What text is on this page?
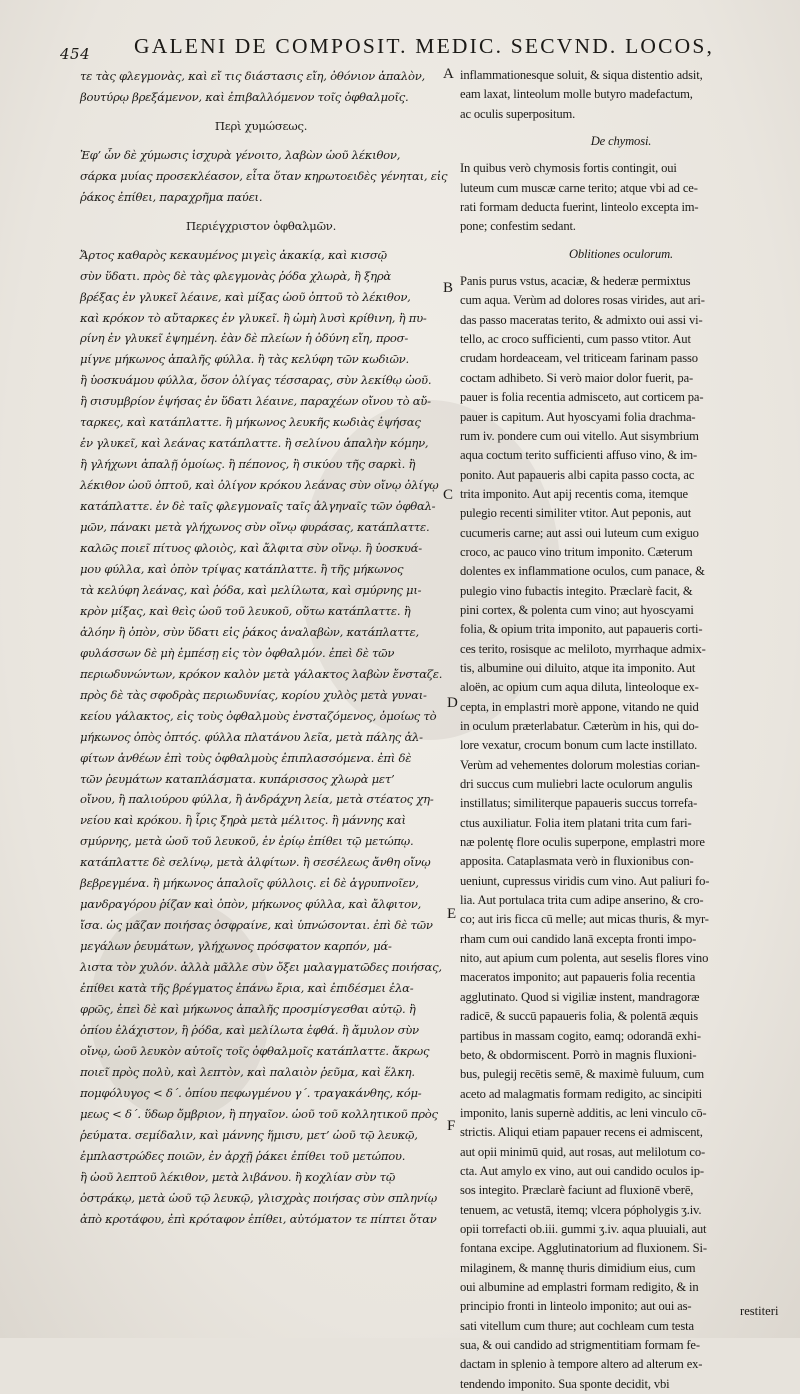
454 GALENI DE COMPOSIT. MEDIC. SECVND. LOCOS,
τε τὰς φλεγμονὰς, καὶ εἴ τις διάστασις εἴη, ὀθόνιον ἁπαλὸν,
βουτύρῳ βρεξάμενον, καὶ ἐπιβαλλόμενον τοῖς ὀφθαλμοῖς.
Περὶ χυμώσεως.
Ἐφ’ ὧν δὲ χύμωσις ἰσχυρὰ γένοιτο, λαβὼν ὠοῦ λέκιθον,
σάρκα μυίας προσεκλέασον, εἶτα ὅταν κηρωτοειδὲς γένηται, εἰς
ῥάκος ἐπίθει, παραχρῆμα παύει.
Περιέγχριστον ὀφθαλμῶν.
Ἄρτος καθαρὸς κεκαυμένος μιγεὶς ἀκακίᾳ, καὶ κισσῷ
σὺν ὕδατι. πρὸς δὲ τὰς φλεγμονὰς ῥόδα χλωρὰ, ἢ ξηρὰ
βρέξας ἐν γλυκεῖ λέαινε, καὶ μίξας ὠοῦ ὀπτοῦ τὸ λέκιθον,
καὶ κρόκον τὸ αὔταρκες ἐν γλυκεῖ. ἢ ὠμὴ λυσὶ κρίθινη, ἢ πυ-
ρίνη ἐν γλυκεῖ ἑψημένη. ἐὰν δὲ πλείων ἡ ὀδύνη εἴη, προσ-
μίγνε μήκωνος ἁπαλῆς φύλλα. ἢ τὰς κελύφη τῶν κωδιῶν.
ἢ ὑοσκυάμου φύλλα, ὅσον ὀλίγας τέσσαρας, σὺν λεκίθῳ ὠοῦ.
ἢ σισυμβρίον ἑψήσας ἐν ὕδατι λέαινε, παραχέων οἴνου τὸ αὔ-
ταρκες, καὶ κατάπλαττε. ἢ μήκωνος λευκῆς κωδιὰς ἑψήσας
ἐν γλυκεῖ, καὶ λεάνας κατάπλαττε. ἢ σελίνου ἁπαλὴν κόμην,
ἢ γλήχωνι ἁπαλῇ ὁμοίως. ἢ πέπονος, ἢ σικύου τῆς σαρκὶ. ἢ
λέκιθον ὠοῦ ὀπτοῦ, καὶ ὀλίγον κρόκου λεάνας σὺν οἴνῳ ὀλίγῳ
κατάπλαττε. ἐν δὲ ταῖς φλεγμοναῖς ταῖς ἀλγηναῖς τῶν ὀφθαλ-
μῶν, πάνακι μετὰ γλήχωνος σὺν οἴνῳ φυράσας, κατάπλαττε.
καλῶς ποιεῖ πίτυος φλοιὸς, καὶ ἄλφιτα σὺν οἴνῳ. ἢ ὑοσκυά-
μου φύλλα, καὶ ὀπὸν τρίψας κατάπλαττε. ἢ τῆς μήκωνος
τὰ κελύφη λεάνας, καὶ ῥόδα, καὶ μελίλωτα, καὶ σμύρνης μι-
κρὸν μίξας, καὶ θεὶς ὠοῦ τοῦ λευκοῦ, οὕτω κατάπλαττε. ἢ
ἀλόην ἢ ὀπὸν, σὺν ὕδατι εἰς ῥάκος ἀναλαβὼν, κατάπλαττε,
φυλάσσων δὲ μὴ ἐμπέσῃ εἰς τὸν ὀφθαλμόν. ἐπεὶ δὲ τῶν
περιωδυνώντων, κρόκον καλὸν μετὰ γάλακτος λαβὼν ἔνσταζε.
πρὸς δὲ τὰς σφοδρὰς περιωδυνίας, κορίου χυλὸς μετὰ γυναι-
κείου γάλακτος, εἰς τοὺς ὀφθαλμοὺς ἐνσταζόμενος, ὁμοίως τὸ
μήκωνος ὀπὸς ὀπτός. φύλλα πλατάνου λεῖα, μετὰ πάλης ἀλ-
φίτων ἀνθέων ἐπὶ τοὺς ὀφθαλμοὺς ἐπιπλασσόμενα. ἐπὶ δὲ
τῶν ῥευμάτων καταπλάσματα. κυπάρισσος χλωρὰ μετ’
οἴνου, ἢ παλιούρου φύλλα, ἢ ἀνδράχνη λεία, μετὰ στέατος χη-
νείου καὶ κρόκου. ἢ ἶρις ξηρὰ μετὰ μέλιτος. ἢ μάννης καὶ
σμύρνης, μετὰ ὠοῦ τοῦ λευκοῦ, ἐν ἐρίῳ ἐπίθει τῷ μετώπῳ.
κατάπλαττε δὲ σελίνῳ, μετὰ ἀλφίτων. ἢ σεσέλεως ἄνθη οἴνῳ
βεβρεγμένα. ἢ μήκωνος ἁπαλοῖς φύλλοις. εἰ δὲ ἀγρυπνοῖεν,
μανδραγόρου ῥίζαν καὶ ὀπὸν, μήκωνος φύλλα, καὶ ἄλφιτον,
ἴσα. ὡς μᾶζαν ποιήσας ὀσφραίνε, καὶ ὑπνώσονται. ἐπὶ δὲ τῶν
μεγάλων ῥευμάτων, γλήχωνος πρόσφατον καρπόν, μά-
λιστα τὸν χυλόν. ἀλλὰ μᾶλλε σὺν ὄξει μαλαγματῶδες ποιήσας,
ἐπίθει κατὰ τῆς βρέγματος ἐπάνω ἔρια, καὶ ἐπιδέσμει ἐλα-
φρῶς, ἐπεὶ δὲ καὶ μήκωνος ἁπαλῆς προσμίσγεσθαι αὐτῷ. ἢ
ὀπίου ἐλάχιστον, ἢ ῥόδα, καὶ μελίλωτα ἑφθά. ἢ ἄμυλον σὺν
οἴνῳ, ὠοῦ λευκὸν αὐτοῖς τοῖς ὀφθαλμοῖς κατάπλαττε. ἄκρως
ποιεῖ πρὸς πολὺ, καὶ λεπτὸν, καὶ παλαιὸν ῥεῦμα, καὶ ἕλκη.
πομφόλυγος < δ΄. ὀπίου πεφωγμένου γ΄. τραγακάνθης, κόμ-
μεως < δ΄. ὕδωρ ὄμβριον, ἢ πηγαῖον. ὠοῦ τοῦ κολλητικοῦ πρὸς
ῥεύματα. σεμίδαλιν, καὶ μάννης ἥμισυ, μετ’ ὠοῦ τῷ λευκῷ,
ἐμπλαστρώδες ποιῶν, ἐν ἀρχῇ ῥάκει ἐπίθει τοῦ μετώπου.
ἢ ὠοῦ λεπτοῦ λέκιθον, μετὰ λιβάνου. ἢ κοχλίαν σὺν τῷ
ὀστράκῳ, μετὰ ὠοῦ τῷ λευκῷ, γλισχρὰς ποιήσας σὺν σπληνίῳ
ἀπὸ κροτάφου, ἐπὶ κρόταφον ἐπίθει, αὐτόματον τε πίπτει ὅταν
inflammationesque soluit, & siqua distentio adsit,
eam laxat, linteolum molle butyro madefactum,
ac oculis superpositum.
De chymosi.
In quibus verò chymosis fortis contingit, oui
luteum cum muscæ carne terito; atque vbi ad ce-
rati formam deducta fuerint, linteolo excepta im-
pone; confestim sedant.
Oblitiones oculorum.
Panis purus vstus, acaciæ, & hederæ permixtus
cum aqua. Verùm ad dolores rosas virides, aut ari-
das passo maceratas terito, & admixto oui assi vi-
tello, ac croco sufficienti, cum passo vtitor. Aut
crudam hordeaceam, vel triticeam farinam passo
coctam adhibeto. Si verò maior dolor fuerit, pa-
pauer is folia recentia admisceto, aut corticem pa-
pauer is capitum. Aut hyoscyami folia drachma-
rum iv. pondere cum oui vitello. Aut sisymbrium
aqua coctum terito sufficienti affuso vino, & im-
ponito. Aut papaueris albi capita passo cocta, ac
trita imponito. Aut apij recentis coma, itemque
pulegio recenti similiter vtitor. Aut peponis, aut
cucumeris carne; aut assi oui luteum cum exiguo
croco, ac pauco vino tritum imponito. Cæterum
dolentes ex inflammatione oculos, cum panace, &
pulegio vino fubactis integito. Præclarè facit, &
pini cortex, & polenta cum vino; aut hyoscyami
folia, & opium trita imponito, aut papaueris corti-
ces terito, rosisque ac meliloto, myrrhaque admix-
tis, albumine oui diluito, atque ita imponito. Aut
aloën, ac opium cum aqua diluta, linteoloque ex-
cepta, in emplastri morè appone, vitando ne quid
in oculum præterlabatur. Cæterùm in his, qui do-
lore vexatur, crocum bonum cum lacte instillato.
Verùm ad vehementes dolorum molestias corian-
dri succus cum muliebri lacte oculorum angulis
instillatus; similiterque papaueris succus torrefa-
ctus auxiliatur. Folia item platani trita cum fari-
næ polentę flore oculis superpone, emplastri more
apposita. Cataplasmata verò in fluxionibus con-
ueniunt, cupressus viridis cum vino. Aut paliuri fo-
lia. Aut portulaca trita cum adipe anserino, & cro-
co; aut iris ficca cū melle; aut micas thuris, & myr-
rham cum oui candido lanā excepta fronti impo-
nito, aut apium cum polenta, aut seselis flores vino
maceratos imponito; aut papaueris folia recentia
agglutinato. Quod si vigiliæ instent, mandragoræ
radicē, & succū papaueris folia, & polentā æquis
partibus in massam cogito, eamq; odorandā exhi-
beto, & obdormiscent. Porrò in magnis fluxioni-
bus, pulegij recētis semē, & maximè fuluum, cum
aceto ad malagmatis formam redigito, ac sincipiti
imponito, lanis supernè additis, ac leni vinculo cō-
strictis. Aliqui etiam papauer recens ei admiscent,
aut opii minimū quid, aut rosas, aut melilotum co-
cta. Aut amylo ex vino, aut oui candido oculos ip-
sos integito. Præclarè faciunt ad fluxionē vberē,
tenuem, ac vetustā, itemq; vlcera pópholygis ʒ.iv.
opii torrefacti ob.iii. gummi ʒ.iv. aqua pluuiali, aut
fontana excipe. Agglutinatorium ad fluxionem. Si-
milaginem, & mannę thuris dimidium eius, cum
oui albumine ad emplastri formam redigito, & in
principio fronti in linteolo imponito; aut oui as-
sati vitellum cum thure; aut cochleam cum testa
sua, & oui candido ad strigmentitiam formam fe-
dactam in splenio à tempore altero ad alterum ex-
tendendo imponito. Sua sponte decidit, vbi
A
B
C
D
E
F
restiteri
